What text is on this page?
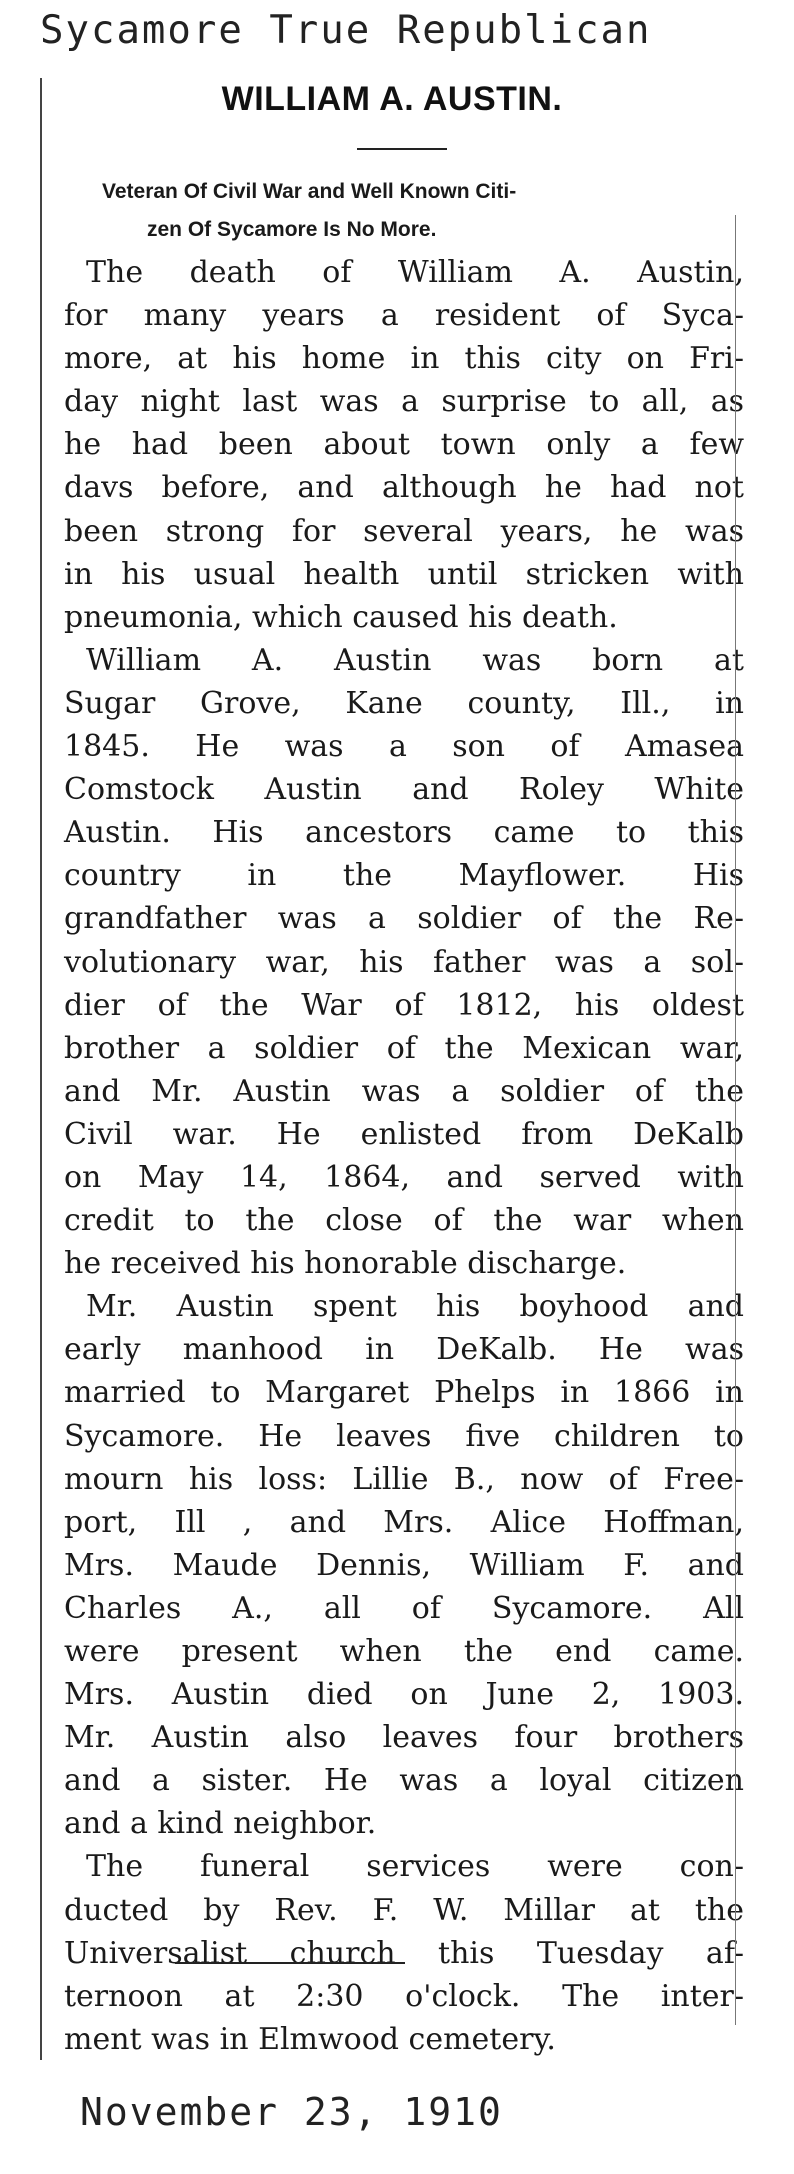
Sycamore True Republican
WILLIAM A. AUSTIN.
Veteran Of Civil War and Well Known Citi-
zen Of Sycamore Is No More.
The death of William A. Austin,
for many years a resident of Syca-
more, at his home in this city on Fri-
day night last was a surprise to all, as
he had been about town only a few
davs before, and although he had not
been strong for several years, he was
in his usual health until stricken with
pneumonia, which caused his death.
William A. Austin was born at
Sugar Grove, Kane county, Ill., in
1845. He was a son of Amasea
Comstock Austin and Roley White
Austin. His ancestors came to this
country in the Mayflower. His
grandfather was a soldier of the Re-
volutionary war, his father was a sol-
dier of the War of 1812, his oldest
brother a soldier of the Mexican war,
and Mr. Austin was a soldier of the
Civil war. He enlisted from DeKalb
on May 14, 1864, and served with
credit to the close of the war when
he received his honorable discharge.
Mr. Austin spent his boyhood and
early manhood in DeKalb. He was
married to Margaret Phelps in 1866 in
Sycamore. He leaves five children to
mourn his loss: Lillie B., now of Free-
port, Ill , and Mrs. Alice Hoffman,
Mrs. Maude Dennis, William F. and
Charles A., all of Sycamore. All
were present when the end came.
Mrs. Austin died on June 2, 1903.
Mr. Austin also leaves four brothers
and a sister. He was a loyal citizen
and a kind neighbor.
The funeral services were con-
ducted by Rev. F. W. Millar at the
Universalist church this Tuesday af-
ternoon at 2:30 o'clock. The inter-
ment was in Elmwood cemetery.
November 23, 1910
